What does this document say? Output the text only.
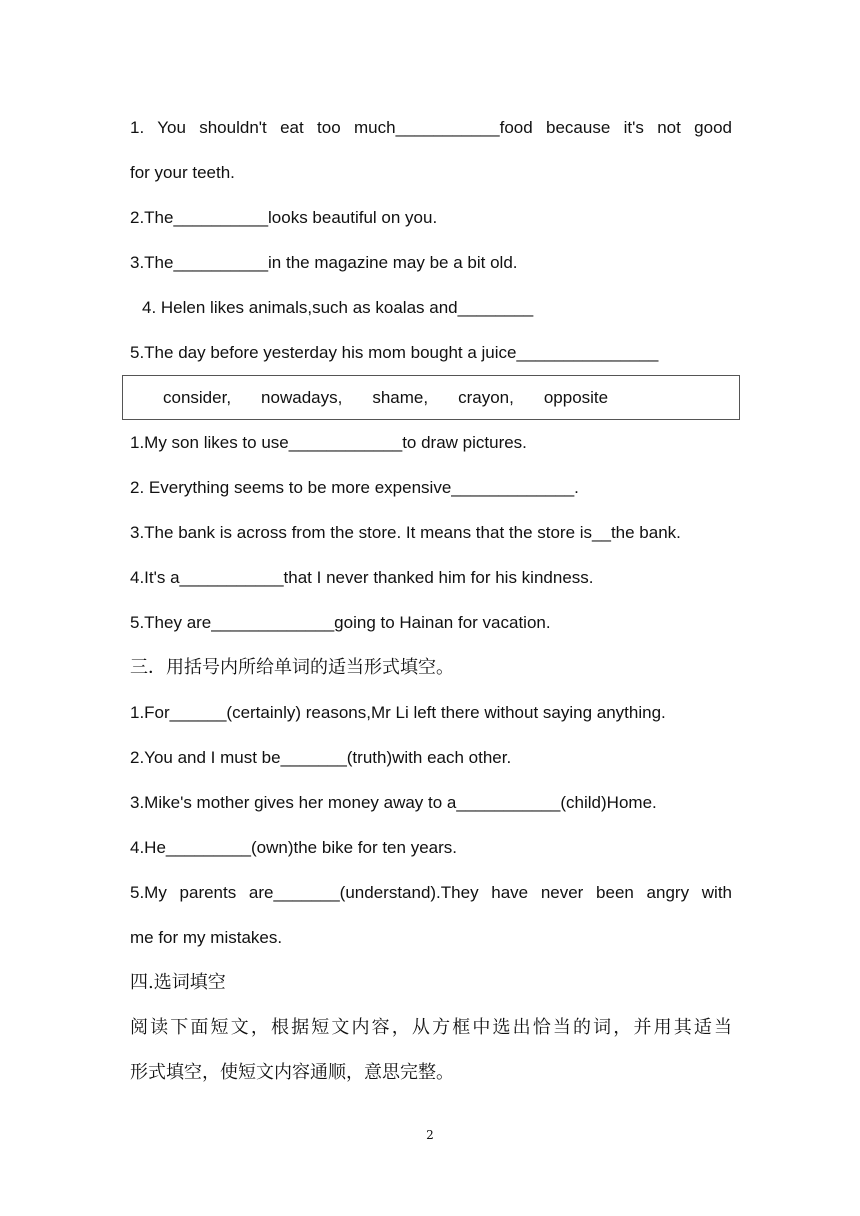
1. You shouldn't eat too much___________food because it's not good
for your teeth.
2.The__________looks beautiful on you.
3.The__________in the magazine may be a bit old.
4. Helen likes animals,such as koalas and________
5.The day before yesterday his mom bought a juice_______________
consider, nowadays, shame, crayon, opposite
1.My son likes to use____________to draw pictures.
2. Everything seems to be more expensive_____________.
3.The bank is across from the store. It means that the store is__the bank.
4.It's a___________that I never thanked him for his kindness.
5.They are_____________going to Hainan for vacation.
三．用括号内所给单词的适当形式填空。
1.For______(certainly) reasons,Mr Li left there without saying anything.
2.You and I must be_______(truth)with each other.
3.Mike's mother gives her money away to a___________(child)Home.
4.He_________(own)the bike for ten years.
5.My parents are_______(understand).They have never been angry with
me for my mistakes.
四.选词填空
阅读下面短文，根据短文内容，从方框中选出恰当的词，并用其适当
形式填空，使短文内容通顺，意思完整。
2
